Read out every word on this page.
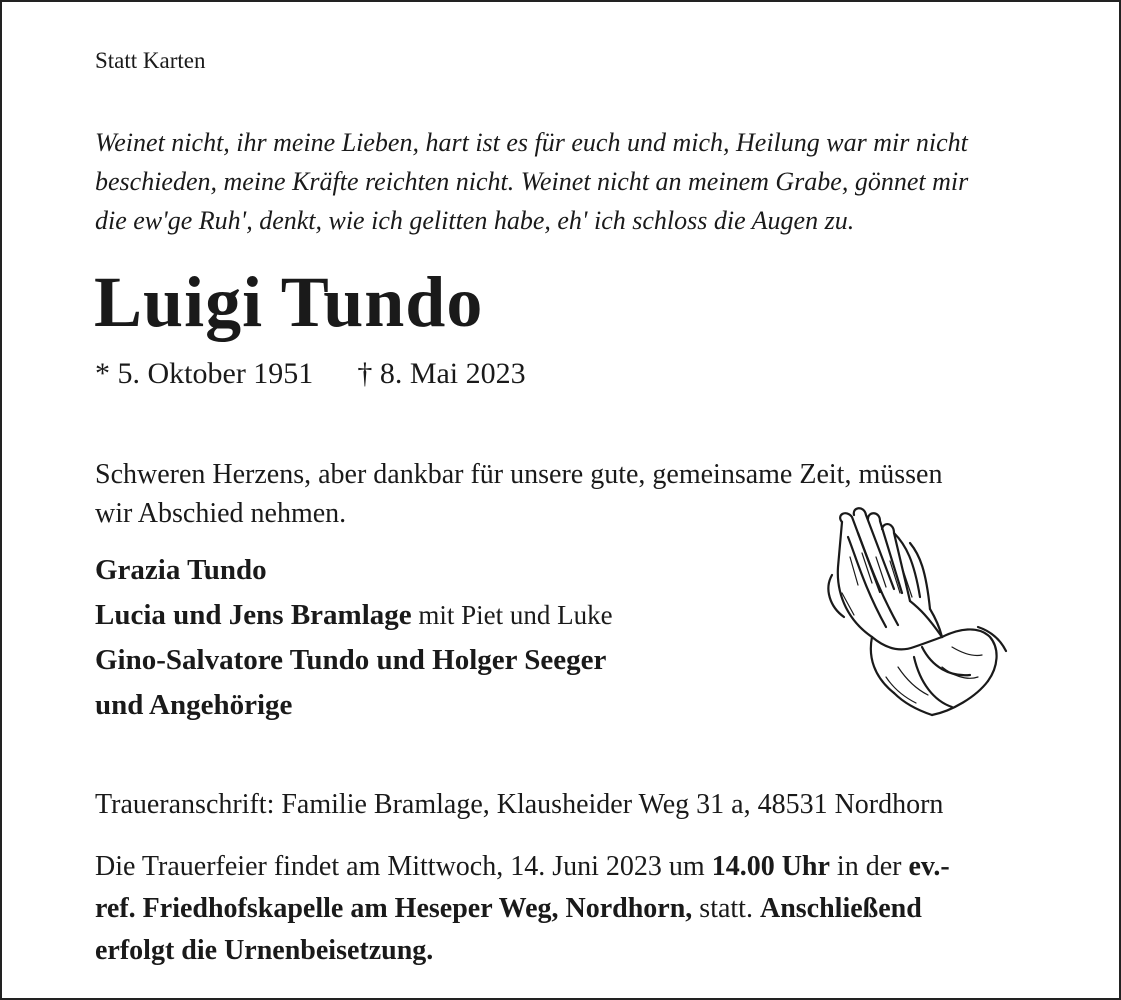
Statt Karten

Weinet nicht, ihr meine Lieben, hart ist es für euch und mich, Heilung war mir nicht
beschieden, meine Kräfte reichten nicht. Weinet nicht an meinem Grabe, gönnet mir
die ew'ge Ruh', denkt, wie ich gelitten habe, eh' ich schloss die Augen zu.
Luigi Tundo
* 5. Oktober 1951 † 8. Mai 2023
Schweren Herzens, aber dankbar für unsere gute, gemeinsame Zeit, müssen
wir Abschied nehmen.
Grazia Tundo
Lucia und Jens Bramlage mit Piet und Luke
Gino-Salvatore Tundo und Holger Seeger
und Angehörige

Traueranschrift: Familie Bramlage, Klausheider Weg 31 a, 48531 Nordhorn

Die Trauerfeier findet am Mittwoch, 14. Juni 2023 um 14.00 Uhr in der ev.-
ref. Friedhofskapelle am Heseper Weg, Nordhorn, statt. Anschließend
erfolgt die Urnenbeisetzung.
